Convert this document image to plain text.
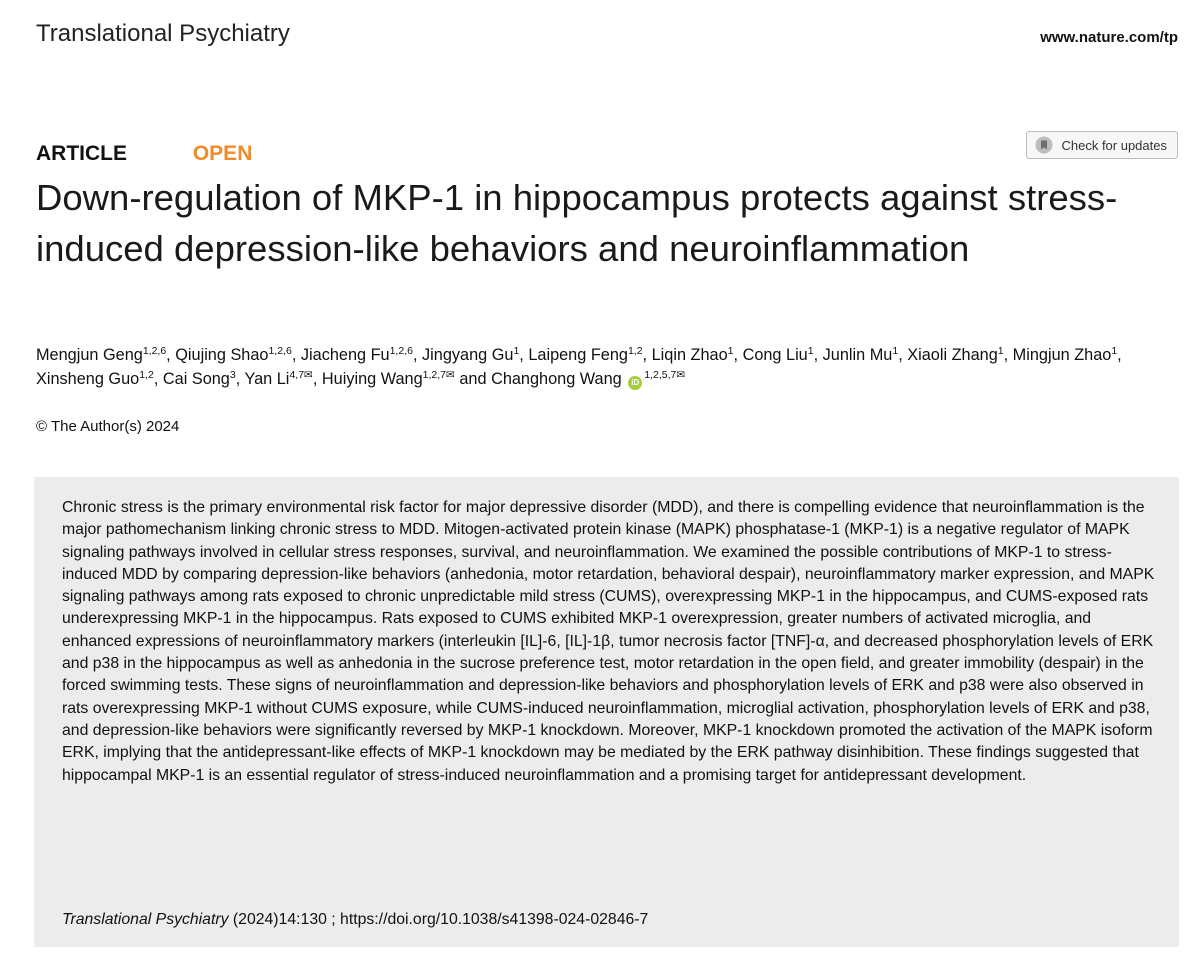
Translational Psychiatry	www.nature.com/tp
ARTICLE	OPEN	Check for updates
Down-regulation of MKP-1 in hippocampus protects against stress-induced depression-like behaviors and neuroinflammation
Mengjun Geng$^{1,2,6}$, Qiujing Shao$^{1,2,6}$, Jiacheng Fu$^{1,2,6}$, Jingyang Gu$^1$, Laipeng Feng$^{1,2}$, Liqin Zhao$^1$, Cong Liu$^1$, Junlin Mu$^1$, Xiaoli Zhang$^1$, Mingjun Zhao$^1$, Xinsheng Guo$^{1,2}$, Cai Song$^3$, Yan $Li^{4,7✉}$, Huiying Wang$^{1,2,7✉}$ and Changhong Wang $iD^{1,2,5,7✉}$
© The Author(s) 2024

Chronic stress is the primary environmental risk factor for major depressive disorder (MDD), and there is compelling evidence that neuroinflammation is the major pathomechanism linking chronic stress to MDD. Mitogen-activated protein kinase (MAPK) phosphatase-1 (MKP-1) is a negative regulator of MAPK signaling pathways involved in cellular stress responses, survival, and neuroinflammation. We examined the possible contributions of MKP-1 to stress-induced MDD by comparing depression-like behaviors (anhedonia, motor retardation, behavioral despair), neuroinflammatory marker expression, and MAPK signaling pathways among rats exposed to chronic unpredictable mild stress (CUMS), overexpressing MKP-1 in the hippocampus, and CUMS-exposed rats underexpressing MKP-1 in the hippocampus. Rats exposed to CUMS exhibited MKP-1 overexpression, greater numbers of activated microglia, and enhanced expressions of neuroinflammatory markers (interleukin [IL]-6, [IL]-1β, tumor necrosis factor [TNF]-α, and decreased phosphorylation levels of ERK and p38 in the hippocampus as well as anhedonia in the sucrose preference test, motor retardation in the open field, and greater immobility (despair) in the forced swimming tests. These signs of neuroinflammation and depression-like behaviors and phosphorylation levels of ERK and p38 were also observed in rats overexpressing MKP-1 without CUMS exposure, while CUMS-induced neuroinflammation, microglial activation, phosphorylation levels of ERK and p38, and depression-like behaviors were significantly reversed by MKP-1 knockdown. Moreover, MKP-1 knockdown promoted the activation of the MAPK isoform ERK, implying that the antidepressant-like effects of MKP-1 knockdown may be mediated by the ERK pathway disinhibition. These findings suggested that hippocampal MKP-1 is an essential regulator of stress-induced neuroinflammation and a promising target for antidepressant development.

Translational Psychiatry (2024)14:130 ; https://doi.org/10.1038/s41398-024-02846-7
